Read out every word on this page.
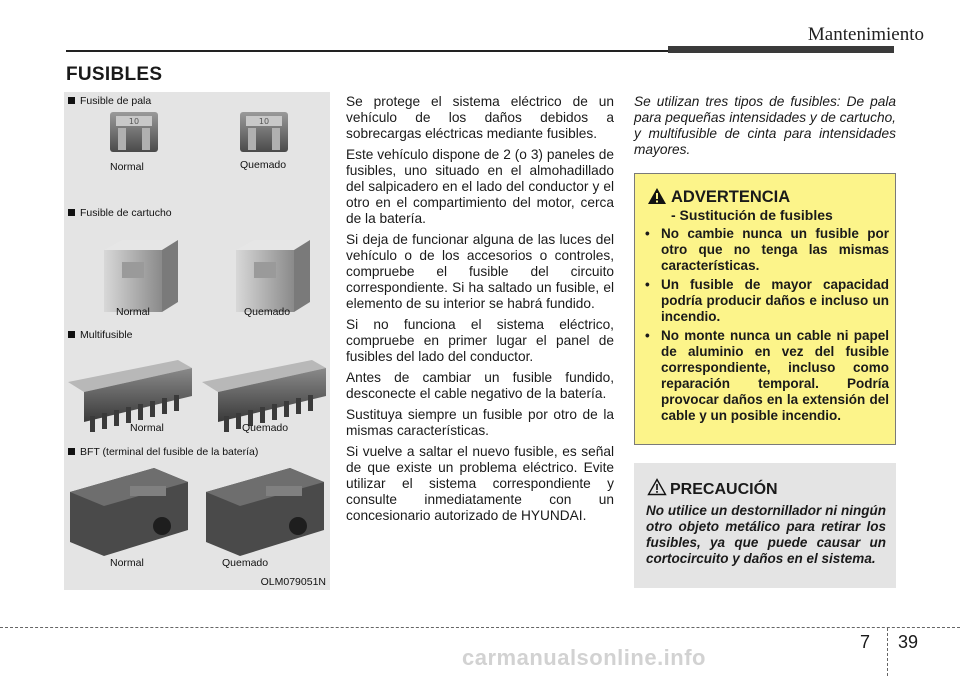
Mantenimiento
FUSIBLES
10	10
Fusible de pala
Normal	Quemado
Fusible de cartucho
Normal	Quemado
Multifusible
Normal	Quemado
BFT (terminal del fusible de la batería)
Normal	Quemado
OLM079051N

Se protege el sistema eléctrico de un vehículo de los daños debidos a sobrecargas eléctricas mediante fusibles.

Este vehículo dispone de 2 (o 3) paneles de fusibles, uno situado en el almohadillado del salpicadero en el lado del conductor y el otro en el compartimiento del motor, cerca de la batería.

Si deja de funcionar alguna de las luces del vehículo o de los accesorios o controles, compruebe el fusible del circuito correspondiente. Si ha saltado un fusible, el elemento de su interior se habrá fundido.

Si no funciona el sistema eléctrico, compruebe en primer lugar el panel de fusibles del lado del conductor.

Antes de cambiar un fusible fundido, desconecte el cable negativo de la batería.

Sustituya siempre un fusible por otro de la mismas características.

Si vuelve a saltar el nuevo fusible, es señal de que existe un problema eléctrico. Evite utilizar el sistema correspondiente y consulte inmediatamente con un concesionario autorizado de HYUNDAI.

Se utilizan tres tipos de fusibles: De pala para pequeñas intensidades y de cartucho, y multifusible de cinta para intensidades mayores.
ADVERTENCIA
- Sustitución de fusibles
• No cambie nunca un fusible por otro que no tenga las mismas características.
• Un fusible de mayor capacidad podría producir daños e incluso un incendio.
• No monte nunca un cable ni papel de aluminio en vez del fusible correspondiente, incluso como reparación temporal. Podría provocar daños en la extensión del cable y un posible incendio.
PRECAUCIÓN
No utilice un destornillador ni ningún otro objeto metálico para retirar los fusibles, ya que puede causar un cortocircuito y daños en el sistema.
7 39
carmanualsonline.info
